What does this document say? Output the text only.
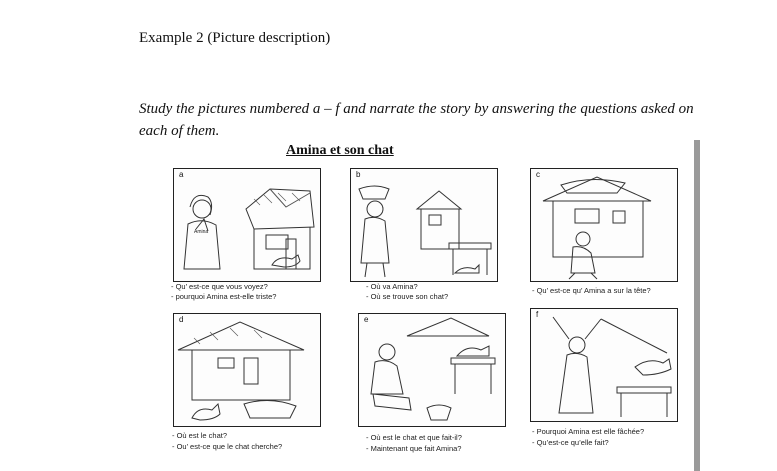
Example 2 (Picture description)
Study the pictures numbered a – f and narrate the story by answering the questions asked on each of them.
Amina et son chat
a
Amina
- Qu’ est-ce que vous voyez?
- pourquoi Amina est-elle triste?
b
- Où va Amina?
- Où se trouve son chat?
c
- Qu’ est-ce qu’ Amina a sur la tête?
d
- Où est le chat?
- Ou’ est-ce que le chat cherche?
e
- Où est le chat et que fait-il?
- Maintenant que fait Amina?
f
- Pourquoi Amina est elle fâchée?
- Qu’est-ce qu’elle fait?
